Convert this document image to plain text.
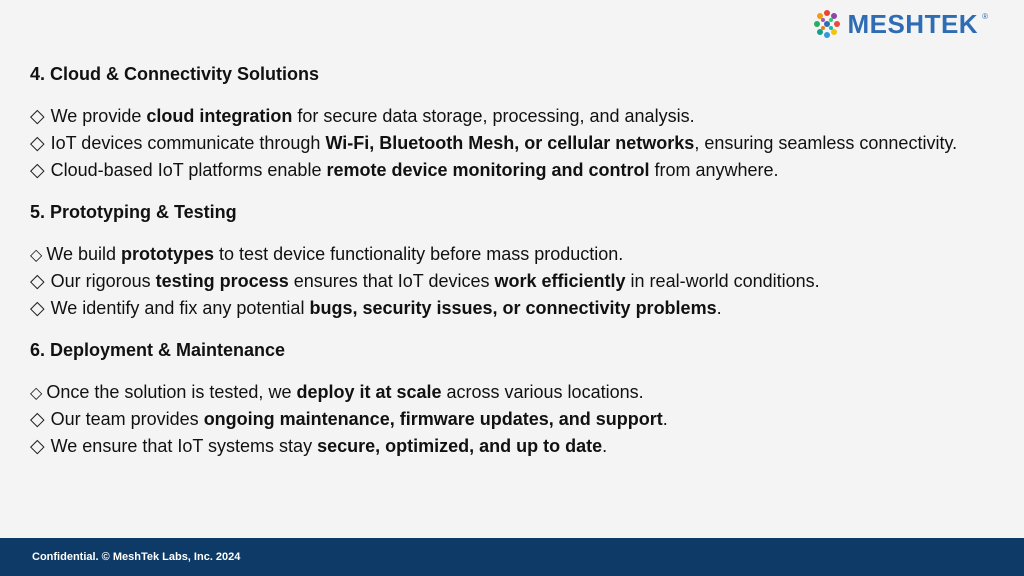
MESHTEK ®
4. Cloud & Connectivity Solutions
◇ We provide cloud integration for secure data storage, processing, and analysis.
◇ IoT devices communicate through Wi-Fi, Bluetooth Mesh, or cellular networks, ensuring seamless connectivity.
◇ Cloud-based IoT platforms enable remote device monitoring and control from anywhere.
5. Prototyping & Testing
◇ We build prototypes to test device functionality before mass production.
◇ Our rigorous testing process ensures that IoT devices work efficiently in real-world conditions.
◇ We identify and fix any potential bugs, security issues, or connectivity problems.
6. Deployment & Maintenance
◇ Once the solution is tested, we deploy it at scale across various locations.
◇ Our team provides ongoing maintenance, firmware updates, and support.
◇ We ensure that IoT systems stay secure, optimized, and up to date.
Confidential. © MeshTek Labs, Inc. 2024
